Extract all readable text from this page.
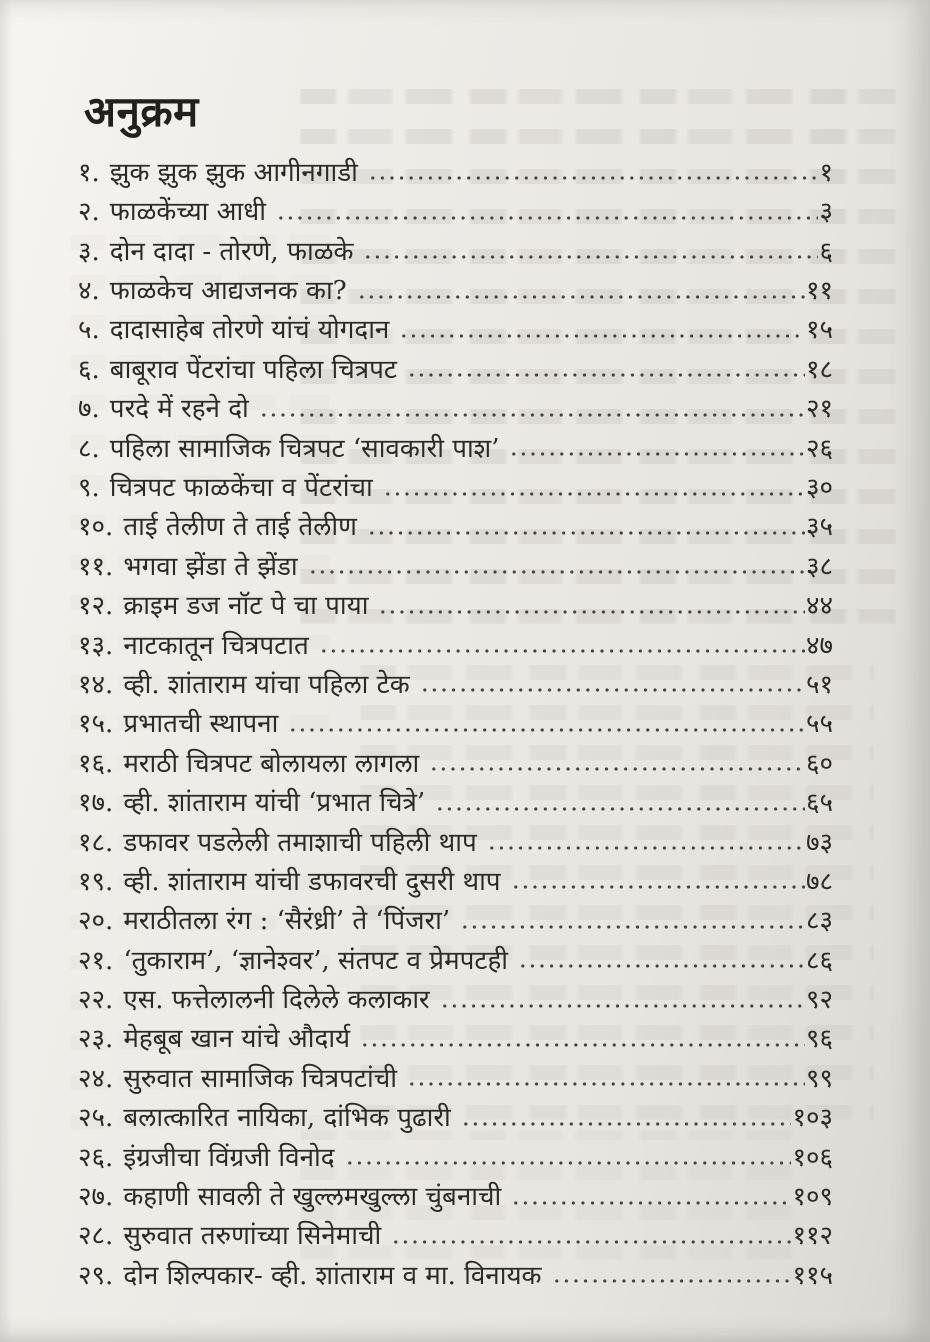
अनुक्रम
१. झुक झुक झुक आगीनगाडी	१
२. फाळकेंच्या आधी	३
३. दोन दादा - तोरणे, फाळके	६
४. फाळकेच आद्यजनक का?	११
५. दादासाहेब तोरणे यांचं योगदान	१५
६. बाबूराव पेंटरांचा पहिला चित्रपट	१८
७. परदे में रहने दो	२१
८. पहिला सामाजिक चित्रपट ‘सावकारी पाश’	२६
९. चित्रपट फाळकेंचा व पेंटरांचा	३०
१०. ताई तेलीण ते ताई तेलीण	३५
११. भगवा झेंडा ते झेंडा	३८
१२. क्राइम डज नॉट पे चा पाया	४४
१३. नाटकातून चित्रपटात	४७
१४. व्ही. शांताराम यांचा पहिला टेक	५१
१५. प्रभातची स्थापना	५५
१६. मराठी चित्रपट बोलायला लागला	६०
१७. व्ही. शांताराम यांची ‘प्रभात चित्रे’	६५
१८. डफावर पडलेली तमाशाची पहिली थाप	७३
१९. व्ही. शांताराम यांची डफावरची दुसरी थाप	७८
२०. मराठीतला रंग : ‘सैरंध्री’ ते ‘पिंजरा’	८३
२१. ‘तुकाराम’, ‘ज्ञानेश्वर’, संतपट व प्रेमपटही	८६
२२. एस. फत्तेलालनी दिलेले कलाकार	९२
२३. मेहबूब खान यांचे औदार्य	९६
२४. सुरुवात सामाजिक चित्रपटांची	९९
२५. बलात्कारित नायिका, दांभिक पुढारी	१०३
२६. इंग्रजीचा विंग्रजी विनोद	१०६
२७. कहाणी सावली ते खुल्लमखुल्ला चुंबनाची	१०९
२८. सुरुवात तरुणांच्या सिनेमाची	११२
२९. दोन शिल्पकार- व्ही. शांताराम व मा. विनायक	११५
